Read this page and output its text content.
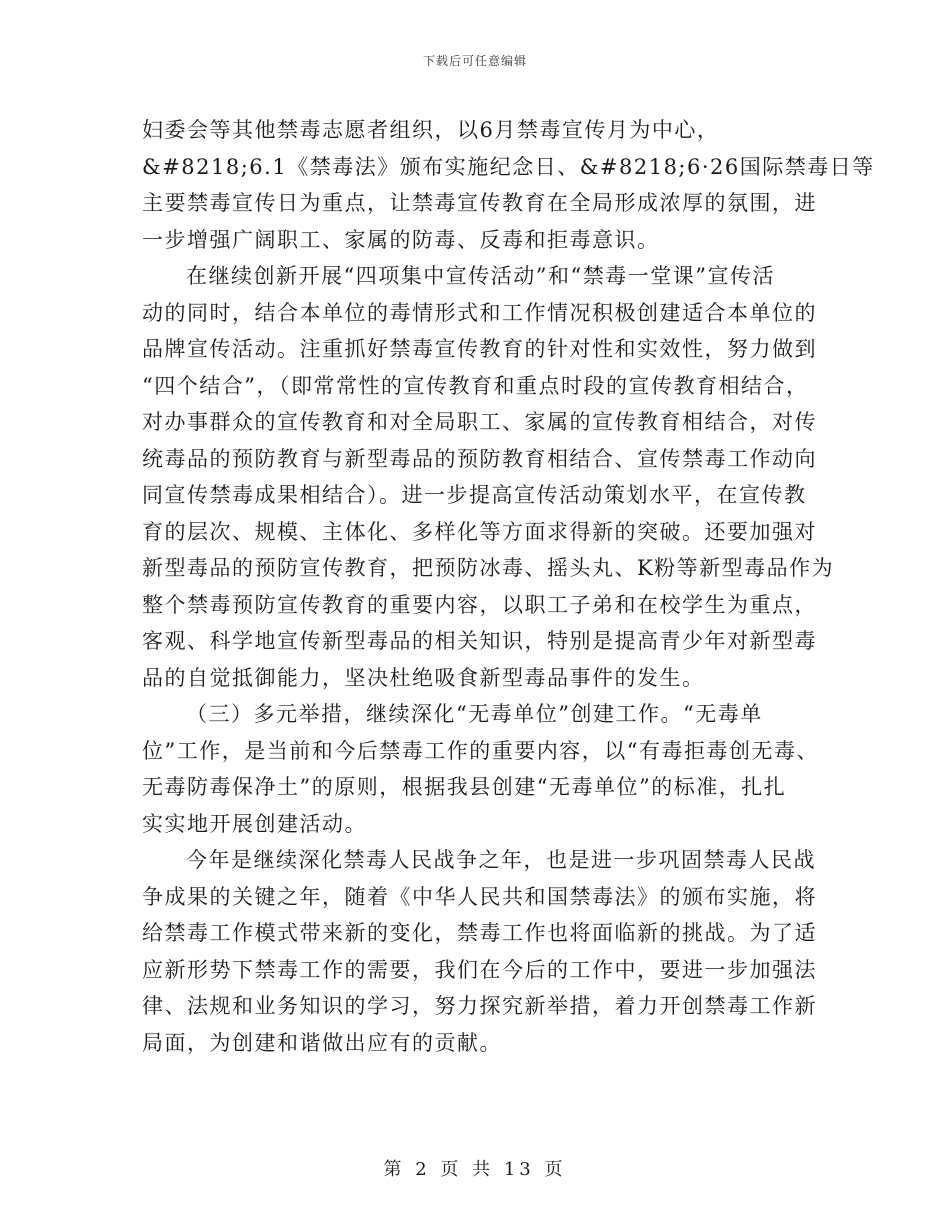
下载后可任意编辑
妇委会等其他禁毒志愿者组织，以6月禁毒宣传月为中心，
&#8218;6.1《禁毒法》颁布实施纪念日、&#8218;6·26国际禁毒日等
主要禁毒宣传日为重点，让禁毒宣传教育在全局形成浓厚的氛围，进
一步增强广阔职工、家属的防毒、反毒和拒毒意识。
在继续创新开展“四项集中宣传活动”和“禁毒一堂课”宣传活
动的同时，结合本单位的毒情形式和工作情况积极创建适合本单位的
品牌宣传活动。注重抓好禁毒宣传教育的针对性和实效性，努力做到
“四个结合”，（即常常性的宣传教育和重点时段的宣传教育相结合，
对办事群众的宣传教育和对全局职工、家属的宣传教育相结合，对传
统毒品的预防教育与新型毒品的预防教育相结合、宣传禁毒工作动向
同宣传禁毒成果相结合）。进一步提高宣传活动策划水平，在宣传教
育的层次、规模、主体化、多样化等方面求得新的突破。还要加强对
新型毒品的预防宣传教育，把预防冰毒、摇头丸、K粉等新型毒品作为
整个禁毒预防宣传教育的重要内容，以职工子弟和在校学生为重点，
客观、科学地宣传新型毒品的相关知识，特别是提高青少年对新型毒
品的自觉抵御能力，坚决杜绝吸食新型毒品事件的发生。
（三）多元举措，继续深化“无毒单位”创建工作。“无毒单
位”工作，是当前和今后禁毒工作的重要内容，以“有毒拒毒创无毒、
无毒防毒保净土”的原则，根据我县创建“无毒单位”的标准，扎扎
实实地开展创建活动。
今年是继续深化禁毒人民战争之年，也是进一步巩固禁毒人民战
争成果的关键之年，随着《中华人民共和国禁毒法》的颁布实施，将
给禁毒工作模式带来新的变化，禁毒工作也将面临新的挑战。为了适
应新形势下禁毒工作的需要，我们在今后的工作中，要进一步加强法
律、法规和业务知识的学习，努力探究新举措，着力开创禁毒工作新
局面，为创建和谐做出应有的贡献。
第 2 页 共 13 页
